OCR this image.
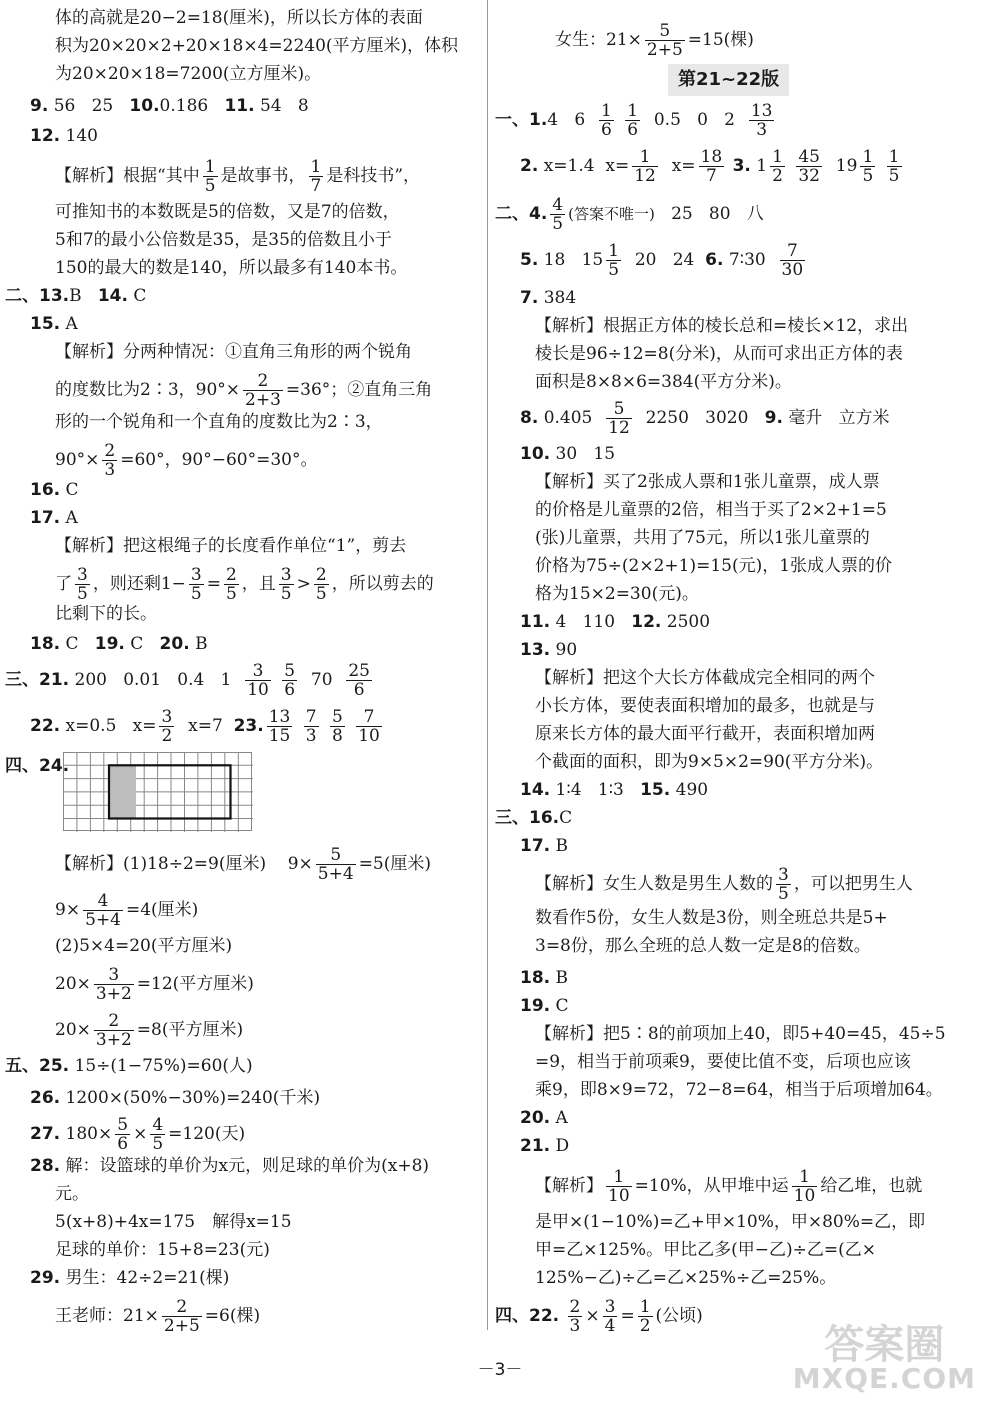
体的高就是20−2=18(厘米)，所以长方体的表面
积为20×20×2+20×18×4=2240(平方厘米)，体积
为20×20×18=7200(立方厘米)。
9. 56 25 10.0.186 11. 54 8
12. 140
【解析】根据“其中 $\frac{1}{5}$ 是故事书， $\frac{1}{7}$ 是科技书”，
可推知书的本数既是5的倍数，又是7的倍数，
5和7的最小公倍数是35，是35的倍数且小于
150的最大的数是140，所以最多有140本书。
二、13.B 14. C
15. A
【解析】分两种情况：①直角三角形的两个锐角
的度数比为2∶3，$90^\circ\times \frac{2}{2+3} =36^\circ$；②直角三角
形的一个锐角和一个直角的度数比为2∶3，
$90^\circ\times \frac{2}{3} =60^\circ$，90°−60°=30°。
16. C
17. A
【解析】把这根绳子的长度看作单位“1”，剪去
了 $\frac{3}{5}$ ，则还剩$1- \frac{3}{5} = \frac{2}{5}$ ，且 $\frac{3}{5} > \frac{2}{5}$ ，所以剪去的
比剩下的长。
18. C 19. C 20. B
三、21. 200 0.01 0.4 $1 \frac{3}{10}$
$\frac{5}{6} 70 \frac{25}{6}$
22. x=0.5 $x= \frac{3}{2} x=7$ 23. $\frac{13}{15}$
$\frac{7}{3}$
$\frac{5}{8}$
$\frac{7}{10}$
四、24.
【解析】(1)18÷2=9(厘米) $9\times \frac{5}{5+4} =5$(厘米)
$9\times \frac{4}{5+4} =4$(厘米)
(2)5×4=20(平方厘米)
$20\times \frac{3}{3+2} =12$(平方厘米)
$20\times \frac{2}{3+2} =8$(平方厘米)
五、25. 15÷(1−75%)=60(人)
26. 1200×(50%−30%)=240(千米)
27. $180\times \frac{5}{6} \times \frac{4}{5} =120$(天)
28. 解：设篮球的单价为x元，则足球的单价为(x+8)
元。
5(x+8)+4x=175　解得x=15
足球的单价：15+8=23(元)
29. 男生：42÷2=21(棵)
王老师：$21\times \frac{2}{2+5} =6$(棵)
女生：$21\times \frac{5}{2+5} =15$(棵)
第21~22版
一、1.4 $6 \frac{1}{6}$
$\frac{1}{6} 0.5$ 0 $2 \frac{13}{3}$
2. x=1.4 $x= \frac{1}{12} x= \frac{18}{7} 3$. $1 \frac{1}{2}$
$\frac{45}{32} 19 \frac{1}{5}$
$\frac{1}{5}$
二、4. $\frac{4}{5}$ (答案不唯一) 25 80 八
5. 18 $15 \frac{1}{5} 20$ 24 6. 7∶30 $\frac{7}{30}$
7. 384
【解析】根据正方体的棱长总和=棱长×12，求出
棱长是96÷12=8(分米)，从而可求出正方体的表
面积是8×8×6=384(平方分米)。
8. $0.405 \frac{5}{12} 2250$ 3020 9. 毫升 立方米
10. 30 15
【解析】买了2张成人票和1张儿童票，成人票
的价格是儿童票的2倍，相当于买了2×2+1=5
(张)儿童票，共用了75元，所以1张儿童票的
价格为75÷(2×2+1)=15(元)，1张成人票的价
格为15×2=30(元)。
11. 4 110 12. 2500
13. 90
【解析】把这个大长方体截成完全相同的两个
小长方体，要使表面积增加的最多，也就是与
原来长方体的最大面平行截开，表面积增加两
个截面的面积，即为9×5×2=90(平方分米)。
14. 1∶4 1∶3 15. 490
三、16.C
17. B
【解析】女生人数是男生人数的 $\frac{3}{5}$ ，可以把男生人
数看作5份，女生人数是3份，则全班总共是5+
3=8份，那么全班的总人数一定是8的倍数。
18. B
19. C
【解析】把5∶8的前项加上40，即5+40=45，45÷5
=9，相当于前项乘9，要使比值不变，后项也应该
乘9，即8×9=72，72−8=64，相当于后项增加64。
20. A
21. D
【解析】 $\frac{1}{10} =10\%$，从甲堆中运 $\frac{1}{10}$ 给乙堆，也就
是甲×(1−10%)=乙+甲×10%，甲×80%=乙，即
甲=乙×125%。甲比乙多(甲−乙)÷乙=(乙×
125%−乙)÷乙=乙×25%÷乙=25%。
四、22. $\frac{2}{3} \times \frac{3}{4} = \frac{1}{2}$ (公顷)
－3－
答案圈
MXQE.COM
